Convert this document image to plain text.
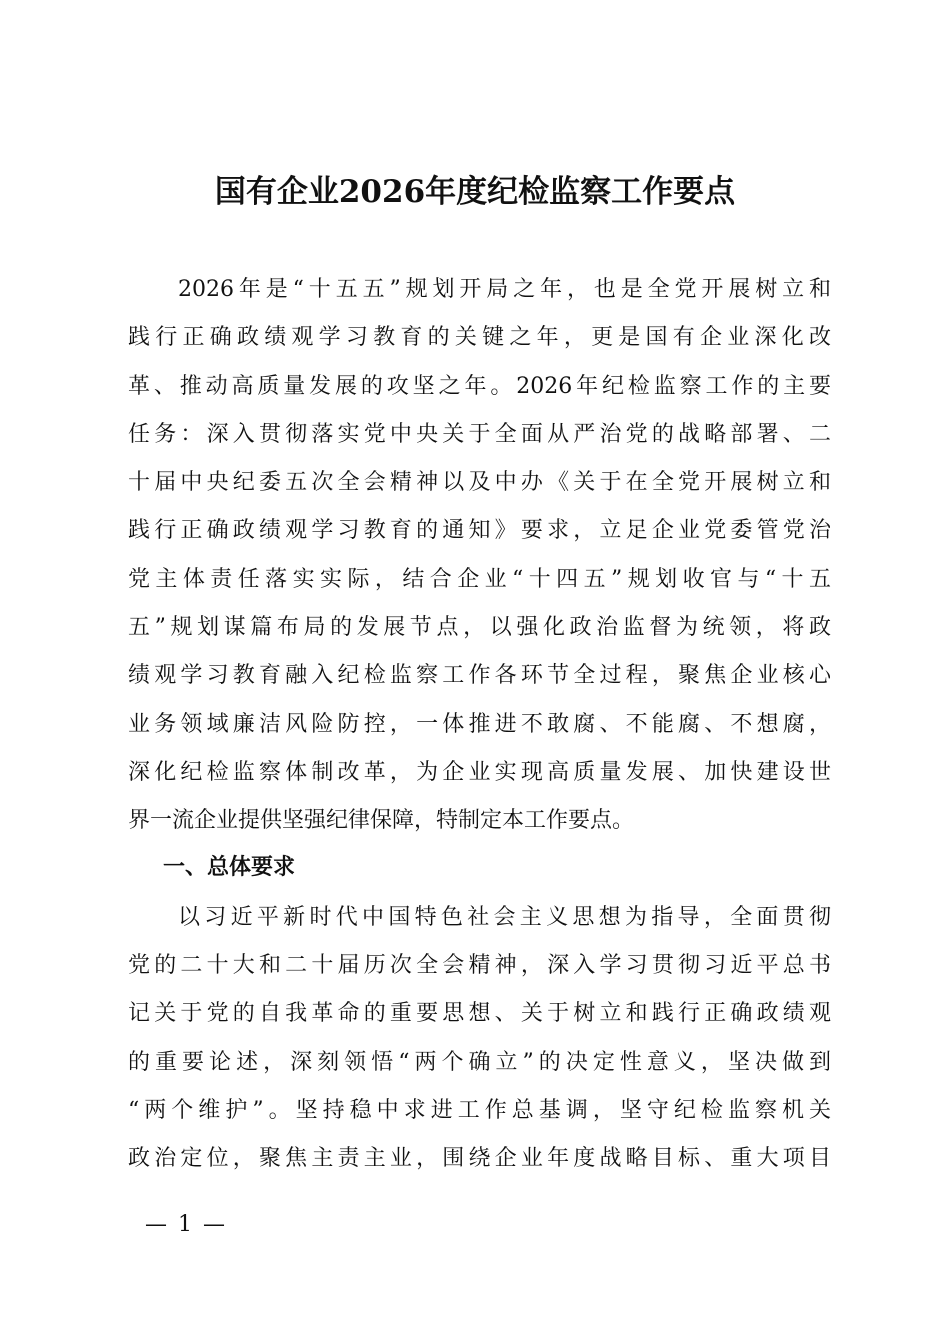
国有企业2026年度纪检监察工作要点
2026年是“十五五”规划开局之年，也是全党开展树立和
践行正确政绩观学习教育的关键之年，更是国有企业深化改
革、推动高质量发展的攻坚之年。2026年纪检监察工作的主要
任务：深入贯彻落实党中央关于全面从严治党的战略部署、二
十届中央纪委五次全会精神以及中办《关于在全党开展树立和
践行正确政绩观学习教育的通知》要求，立足企业党委管党治
党主体责任落实实际，结合企业“十四五”规划收官与“十五
五”规划谋篇布局的发展节点，以强化政治监督为统领，将政
绩观学习教育融入纪检监察工作各环节全过程，聚焦企业核心
业务领域廉洁风险防控，一体推进不敢腐、不能腐、不想腐，
深化纪检监察体制改革，为企业实现高质量发展、加快建设世
界一流企业提供坚强纪律保障，特制定本工作要点。
一、总体要求
以习近平新时代中国特色社会主义思想为指导，全面贯彻
党的二十大和二十届历次全会精神，深入学习贯彻习近平总书
记关于党的自我革命的重要思想、关于树立和践行正确政绩观
的重要论述，深刻领悟“两个确立”的决定性意义，坚决做到
“两个维护”。坚持稳中求进工作总基调，坚守纪检监察机关
政治定位，聚焦主责主业，围绕企业年度战略目标、重大项目
— 1 —
